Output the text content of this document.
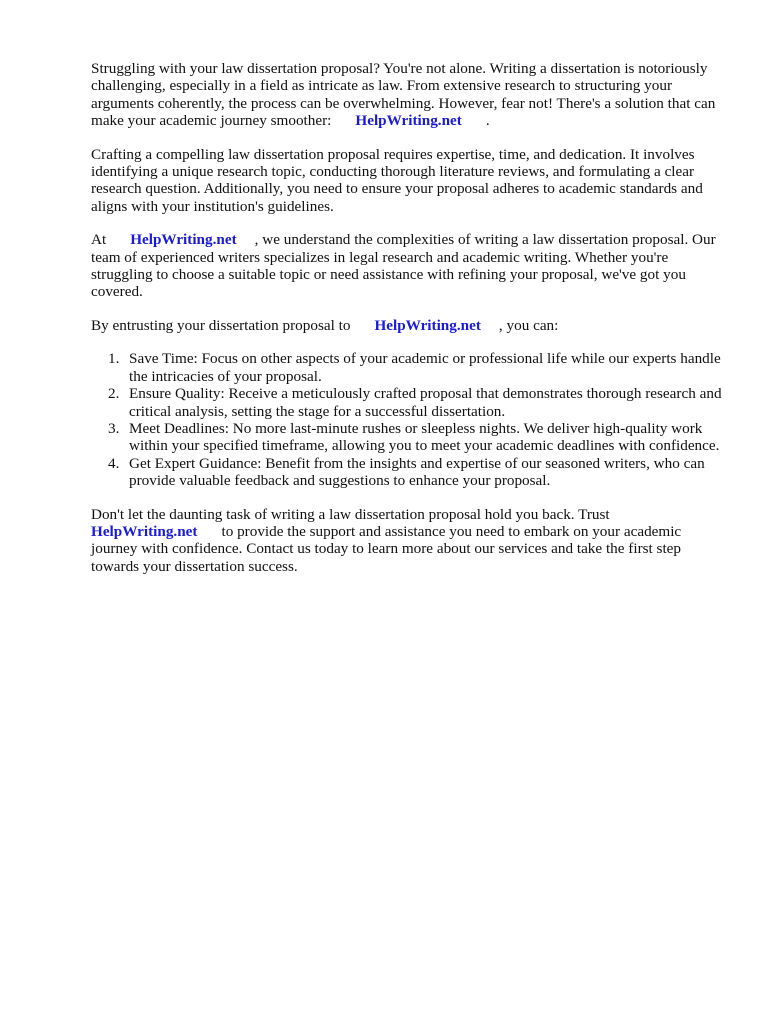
Struggling with your law dissertation proposal? You're not alone. Writing a dissertation is notoriously challenging, especially in a field as intricate as law. From extensive research to structuring your arguments coherently, the process can be overwhelming. However, fear not! There's a solution that can make your academic journey smoother: HelpWriting.net .

Crafting a compelling law dissertation proposal requires expertise, time, and dedication. It involves identifying a unique research topic, conducting thorough literature reviews, and formulating a clear research question. Additionally, you need to ensure your proposal adheres to academic standards and aligns with your institution's guidelines.

At HelpWriting.net , we understand the complexities of writing a law dissertation proposal. Our team of experienced writers specializes in legal research and academic writing. Whether you're struggling to choose a suitable topic or need assistance with refining your proposal, we've got you covered.

By entrusting your dissertation proposal to HelpWriting.net , you can:

1. Save Time: Focus on other aspects of your academic or professional life while our experts handle the intricacies of your proposal.
2. Ensure Quality: Receive a meticulously crafted proposal that demonstrates thorough research and critical analysis, setting the stage for a successful dissertation.
3. Meet Deadlines: No more last-minute rushes or sleepless nights. We deliver high-quality work within your specified timeframe, allowing you to meet your academic deadlines with confidence.
4. Get Expert Guidance: Benefit from the insights and expertise of our seasoned writers, who can provide valuable feedback and suggestions to enhance your proposal.

Don't let the daunting task of writing a law dissertation proposal hold you back. Trust
HelpWriting.net to provide the support and assistance you need to embark on your academic journey with confidence. Contact us today to learn more about our services and take the first step towards your dissertation success.
